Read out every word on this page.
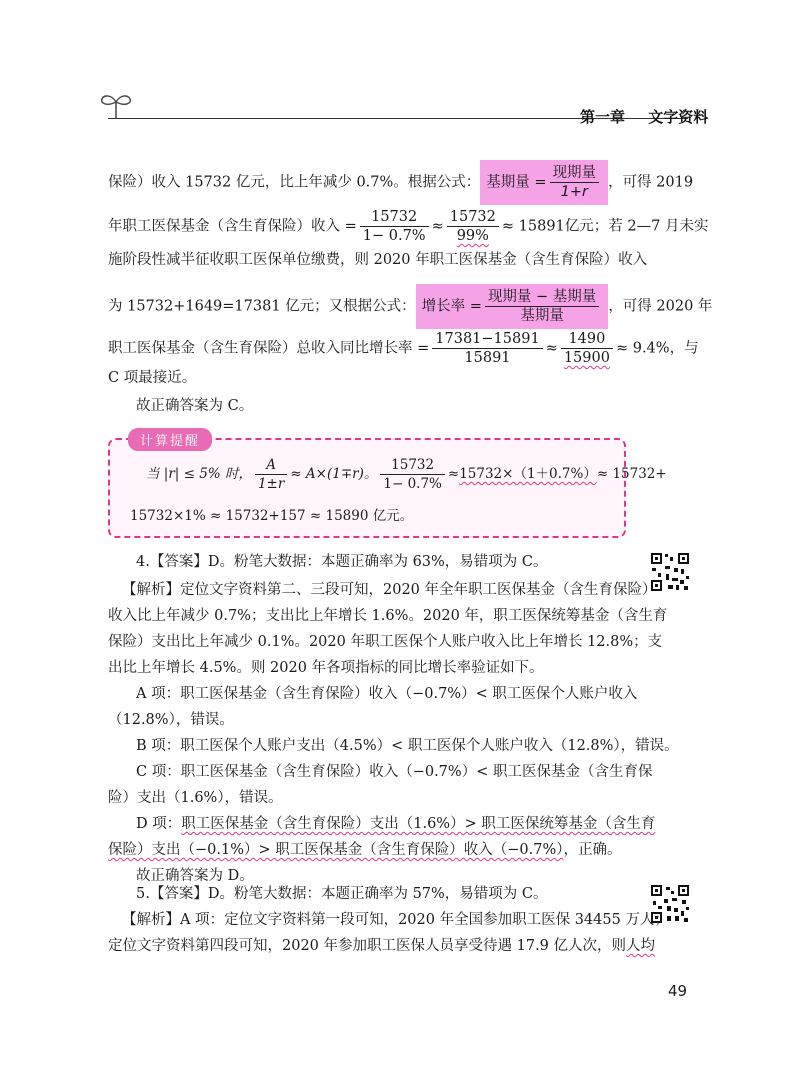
第一章 文字资料
保险）收入 15732 亿元，比上年减少 0.7%。根据公式： 基期量 = $\frac{\text{现期量}}{1+r}$ ，可得 2019
年职工医保基金（含生育保险）收入 = $\frac{15732}{1- 0.7\%} \approx \frac{15732}{99\%} \approx 15891$亿元；若 2—7 月未实
施阶段性减半征收职工医保单位缴费，则 2020 年职工医保基金（含生育保险）收入
为 15732+1649=17381 亿元；又根据公式： 增长率 = $\frac{\text{现期量 − 基期量}}{\text{基期量}}$ ，可得 2020 年
职工医保基金（含生育保险）总收入同比增长率 = $\frac{17381-15891}{15891} \approx \frac{1490}{15900} \approx 9.4\%$，与
C 项最接近。
故正确答案为 C。
计算提醒
当 |r| ≤ 5% 时， $\frac{A}{1\pm r} \approx A\times(1\mp r)$。 $\frac{15732}{1- 0.7\%} \approx 15732\times(1+0.7\%)\approx 15732+$
15732×1% ≈ 15732+157 ≈ 15890 亿元。
4.【答案】D。粉笔大数据：本题正确率为 63%，易错项为 C。
【解析】定位文字资料第二、三段可知，2020 年全年职工医保基金（含生育保险）
收入比上年减少 0.7%；支出比上年增长 1.6%。2020 年，职工医保统筹基金（含生育
保险）支出比上年减少 0.1%。2020 年职工医保个人账户收入比上年增长 12.8%；支
出比上年增长 4.5%。则 2020 年各项指标的同比增长率验证如下。
A 项：职工医保基金（含生育保险）收入（−0.7%）< 职工医保个人账户收入
（12.8%），错误。
B 项：职工医保个人账户支出（4.5%）< 职工医保个人账户收入（12.8%），错误。
C 项：职工医保基金（含生育保险）收入（−0.7%）< 职工医保基金（含生育保
险）支出（1.6%），错误。
D 项：职工医保基金（含生育保险）支出（1.6%）> 职工医保统筹基金（含生育
保险）支出（−0.1%）> 职工医保基金（含生育保险）收入（−0.7%），正确。
故正确答案为 D。
5.【答案】D。粉笔大数据：本题正确率为 57%，易错项为 C。
【解析】A 项：定位文字资料第一段可知，2020 年全国参加职工医保 34455 万人；
定位文字资料第四段可知，2020 年参加职工医保人员享受待遇 17.9 亿人次，则人均
49
